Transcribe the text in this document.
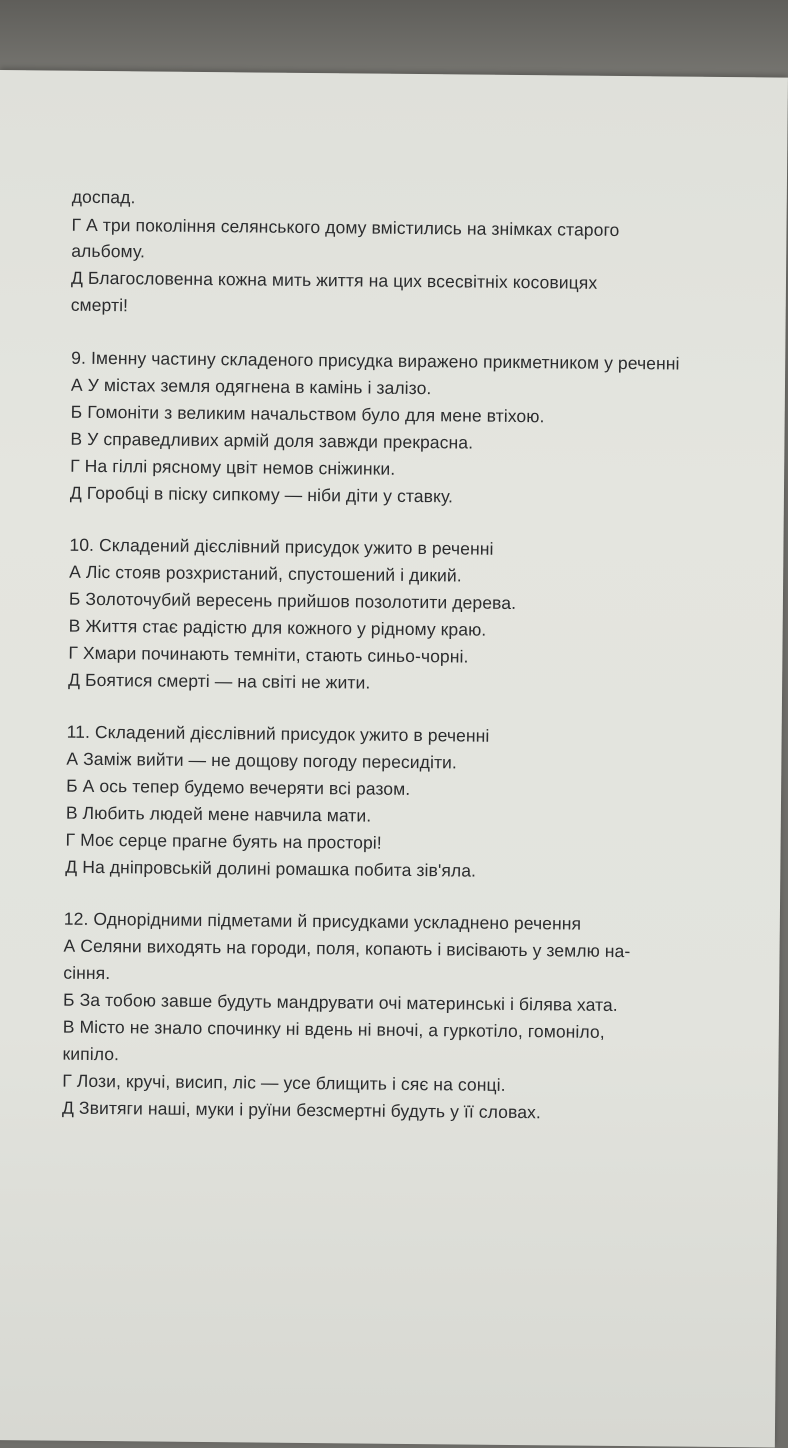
доспад.
Г А три покоління селянського дому вмістились на знімках старого
альбому.
Д Благословенна кожна мить життя на цих всесвітніх косовицях
смерті!
9. Іменну частину складеного присудка виражено прикметником у реченні
А У містах земля одягнена в камінь і залізо.
Б Гомоніти з великим начальством було для мене втіхою.
В У справедливих армій доля завжди прекрасна.
Г На гіллі рясному цвіт немов сніжинки.
Д Горобці в піску сипкому — ніби діти у ставку.
10. Складений дієслівний присудок ужито в реченні
А Ліс стояв розхристаний, спустошений і дикий.
Б Золоточубий вересень прийшов позолотити дерева.
В Життя стає радістю для кожного у рідному краю.
Г Хмари починають темніти, стають синьо-чорні.
Д Боятися смерті — на світі не жити.
11. Складений дієслівний присудок ужито в реченні
А Заміж вийти — не дощову погоду пересидіти.
Б А ось тепер будемо вечеряти всі разом.
В Любить людей мене навчила мати.
Г Моє серце прагне буять на просторі!
Д На дніпровській долині ромашка побита зів'яла.
12. Однорідними підметами й присудками ускладнено речення
А Селяни виходять на городи, поля, копають і висівають у землю на-
сіння.
Б За тобою завше будуть мандрувати очі материнські і білява хата.
В Місто не знало спочинку ні вдень ні вночі, а гуркотіло, гомоніло,
кипіло.
Г Лози, кручі, висип, ліс — усе блищить і сяє на сонці.
Д Звитяги наші, муки і руїни безсмертні будуть у її словах.
